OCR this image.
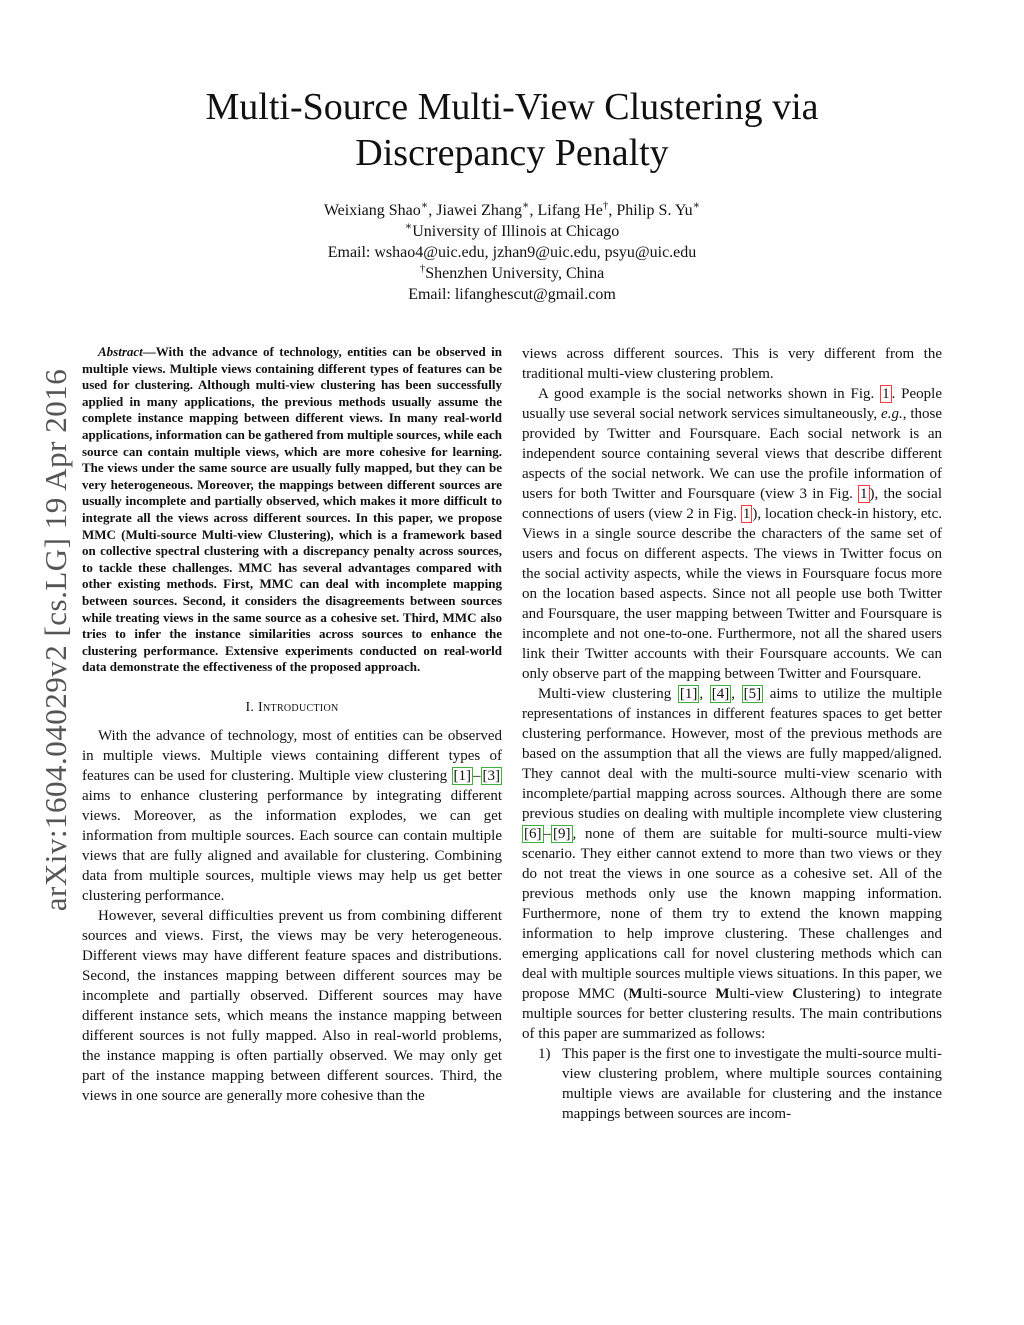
Multi-Source Multi-View Clustering via Discrepancy Penalty
Weixiang Shao∗, Jiawei Zhang∗, Lifang He†, Philip S. Yu∗
∗University of Illinois at Chicago
Email: wshao4@uic.edu, jzhan9@uic.edu, psyu@uic.edu
†Shenzhen University, China
Email: lifanghescut@gmail.com
arXiv:1604.04029v2 [cs.LG] 19 Apr 2016

Abstract—With the advance of technology, entities can be observed in multiple views. Multiple views containing different types of features can be used for clustering. Although multi-view clustering has been successfully applied in many applications, the previous methods usually assume the complete instance mapping between different views. In many real-world applications, information can be gathered from multiple sources, while each source can contain multiple views, which are more cohesive for learning. The views under the same source are usually fully mapped, but they can be very heterogeneous. Moreover, the mappings between different sources are usually incomplete and partially observed, which makes it more difficult to integrate all the views across different sources. In this paper, we propose MMC (Multi-source Multi-view Clustering), which is a framework based on collective spectral clustering with a discrepancy penalty across sources, to tackle these challenges. MMC has several advantages compared with other existing methods. First, MMC can deal with incomplete mapping between sources. Second, it considers the disagreements between sources while treating views in the same source as a cohesive set. Third, MMC also tries to infer the instance similarities across sources to enhance the clustering performance. Extensive experiments conducted on real-world data demonstrate the effectiveness of the proposed approach.

I. Introduction

With the advance of technology, most of entities can be observed in multiple views. Multiple views containing different types of features can be used for clustering. Multiple view clustering [1] – [3] aims to enhance clustering performance by integrating different views. Moreover, as the information explodes, we can get information from multiple sources. Each source can contain multiple views that are fully aligned and available for clustering. Combining data from multiple sources, multiple views may help us get better clustering performance.

However, several difficulties prevent us from combining different sources and views. First, the views may be very heterogeneous. Different views may have different feature spaces and distributions. Second, the instances mapping between different sources may be incomplete and partially observed. Different sources may have different instance sets, which means the instance mapping between different sources is not fully mapped. Also in real-world problems, the instance mapping is often partially observed. We may only get part of the instance mapping between different sources. Third, the views in one source are generally more cohesive than the

views across different sources. This is very different from the traditional multi-view clustering problem.

A good example is the social networks shown in Fig. 1 . People usually use several social network services simultaneously, e.g., those provided by Twitter and Foursquare. Each social network is an independent source containing several views that describe different aspects of the social network. We can use the profile information of users for both Twitter and Foursquare (view 3 in Fig. 1 ), the social connections of users (view 2 in Fig. 1 ), location check-in history, etc. Views in a single source describe the characters of the same set of users and focus on different aspects. The views in Twitter focus on the social activity aspects, while the views in Foursquare focus more on the location based aspects. Since not all people use both Twitter and Foursquare, the user mapping between Twitter and Foursquare is incomplete and not one-to-one. Furthermore, not all the shared users link their Twitter accounts with their Foursquare accounts. We can only observe part of the mapping between Twitter and Foursquare.

Multi-view clustering [1] , [4] , [5] aims to utilize the multiple representations of instances in different features spaces to get better clustering performance. However, most of the previous methods are based on the assumption that all the views are fully mapped/aligned. They cannot deal with the multi-source multi-view scenario with incomplete/partial mapping across sources. Although there are some previous studies on dealing with multiple incomplete view clustering [6] – [9] , none of them are suitable for multi-source multi-view scenario. They either cannot extend to more than two views or they do not treat the views in one source as a cohesive set. All of the previous methods only use the known mapping information. Furthermore, none of them try to extend the known mapping information to help improve clustering. These challenges and emerging applications call for novel clustering methods which can deal with multiple sources multiple views situations. In this paper, we propose MMC (Multi-source Multi-view Clustering) to integrate multiple sources for better clustering results. The main contributions of this paper are summarized as follows:

1) This paper is the first one to investigate the multi-source multi-view clustering problem, where multiple sources containing multiple views are available for clustering and the instance mappings between sources are incom-
